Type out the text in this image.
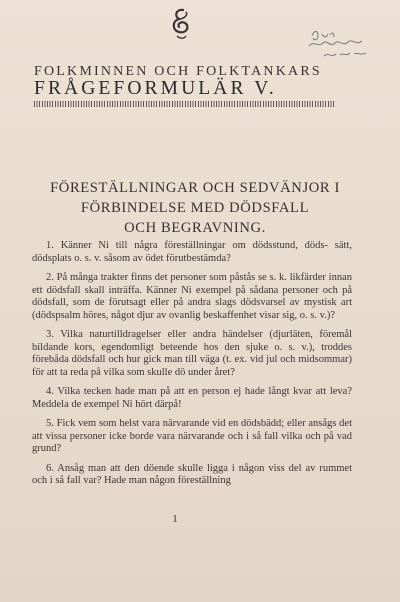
FOLKMINNEN OCH FOLKTANKARS
FRÅGEFORMULÄR V.
FÖRESTÄLLNINGAR OCH SEDVÄNJOR I
FÖRBINDELSE MED DÖDSFALL
OCH BEGRAVNING.

1. Känner Ni till några föreställningar om dödsstund, döds- sätt, dödsplats o. s. v. såsom av ödet förutbestämda?

2. På många trakter finns det personer som påstås se s. k. likfärder innan ett dödsfall skall inträffa. Känner Ni exempel på sådana personer och på dödsfall, som de förutsagt eller på andra slags dödsvarsel av mystisk art (dödspsalm höres, något djur av ovanlig beskaffenhet visar sig, o. s. v.)?

3. Vilka naturtilldragelser eller andra händelser (djurläten, föremål bildande kors, egendomligt beteende hos den sjuke o. s. v.), troddes förebåda dödsfall och hur gick man till väga (t. ex. vid jul och midsommar) för att ta reda på vilka som skulle dö under året?

4. Vilka tecken hade man på att en person ej hade långt kvar att leva? Meddela de exempel Ni hört därpå!

5. Fick vem som helst vara närvarande vid en dödsbädd; eller ansågs det att vissa personer icke borde vara närvarande och i så fall vilka och på vad grund?

6. Ansåg man att den döende skulle ligga i någon viss del av rummet och i så fall var? Hade man någon föreställning

1
